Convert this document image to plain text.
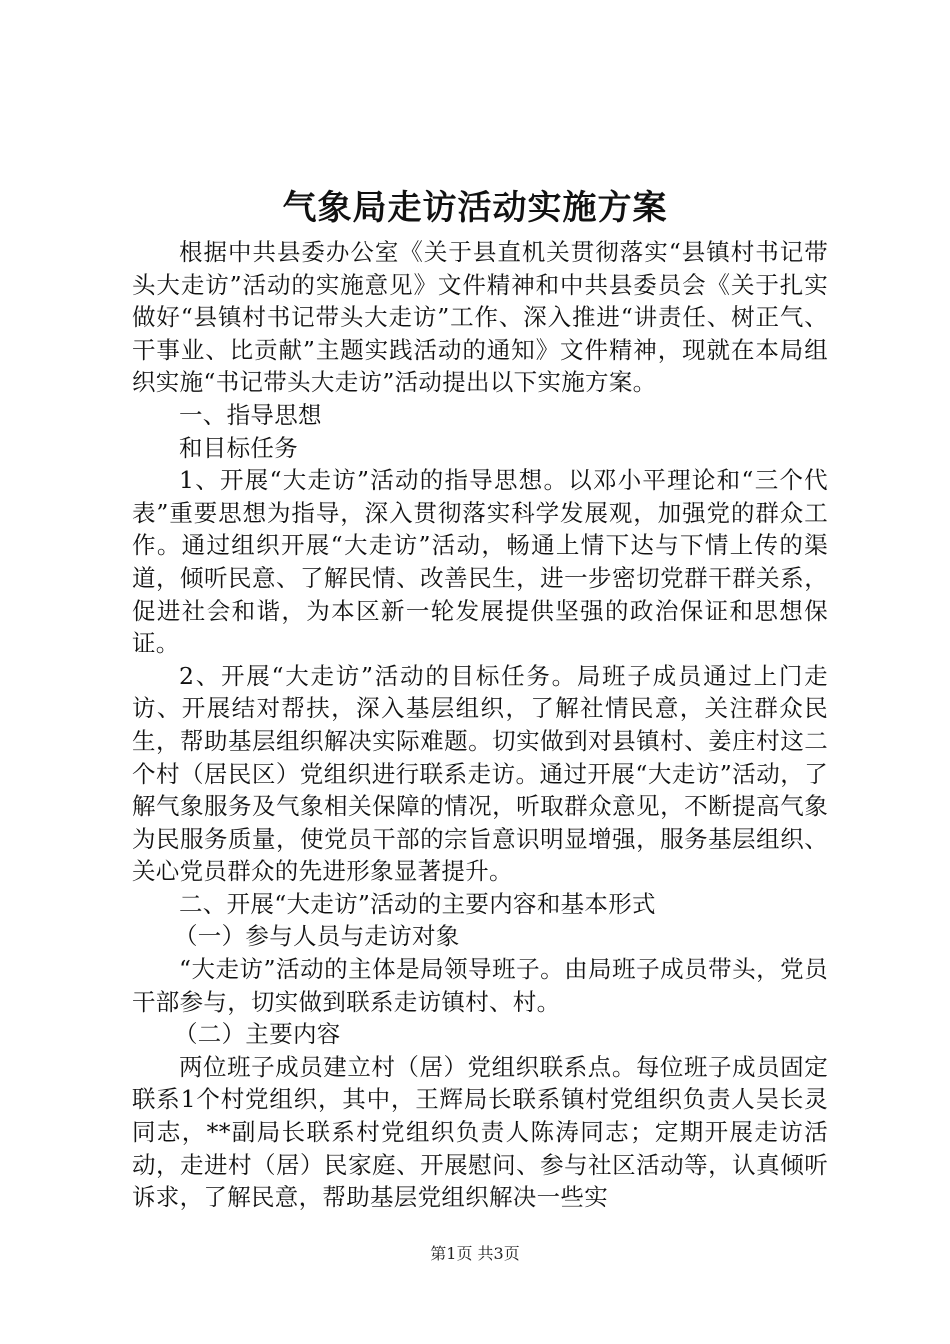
气象局走访活动实施方案

根据中共县委办公室《关于县直机关贯彻落实“县镇村书记带头大走访”活动的实施意见》文件精神和中共县委员会《关于扎实做好“县镇村书记带头大走访”工作、深入推进“讲责任、树正气、干事业、比贡献”主题实践活动的通知》文件精神，现就在本局组织实施“书记带头大走访”活动提出以下实施方案。

一、指导思想

和目标任务

1、开展“大走访”活动的指导思想。以邓小平理论和“三个代表”重要思想为指导，深入贯彻落实科学发展观，加强党的群众工作。通过组织开展“大走访”活动，畅通上情下达与下情上传的渠道，倾听民意、了解民情、改善民生，进一步密切党群干群关系，促进社会和谐，为本区新一轮发展提供坚强的政治保证和思想保证。

2、开展“大走访”活动的目标任务。局班子成员通过上门走访、开展结对帮扶，深入基层组织，了解社情民意，关注群众民生，帮助基层组织解决实际难题。切实做到对县镇村、姜庄村这二个村（居民区）党组织进行联系走访。通过开展“大走访”活动，了解气象服务及气象相关保障的情况，听取群众意见，不断提高气象为民服务质量，使党员干部的宗旨意识明显增强，服务基层组织、关心党员群众的先进形象显著提升。

二、开展“大走访”活动的主要内容和基本形式

（一）参与人员与走访对象

“大走访”活动的主体是局领导班子。由局班子成员带头，党员干部参与，切实做到联系走访镇村、村。

（二）主要内容

两位班子成员建立村（居）党组织联系点。每位班子成员固定联系1个村党组织，其中，王辉局长联系镇村党组织负责人吴长灵同志，**副局长联系村党组织负责人陈涛同志；定期开展走访活动，走进村（居）民家庭、开展慰问、参与社区活动等，认真倾听诉求，了解民意，帮助基层党组织解决一些实

第1页 共3页
